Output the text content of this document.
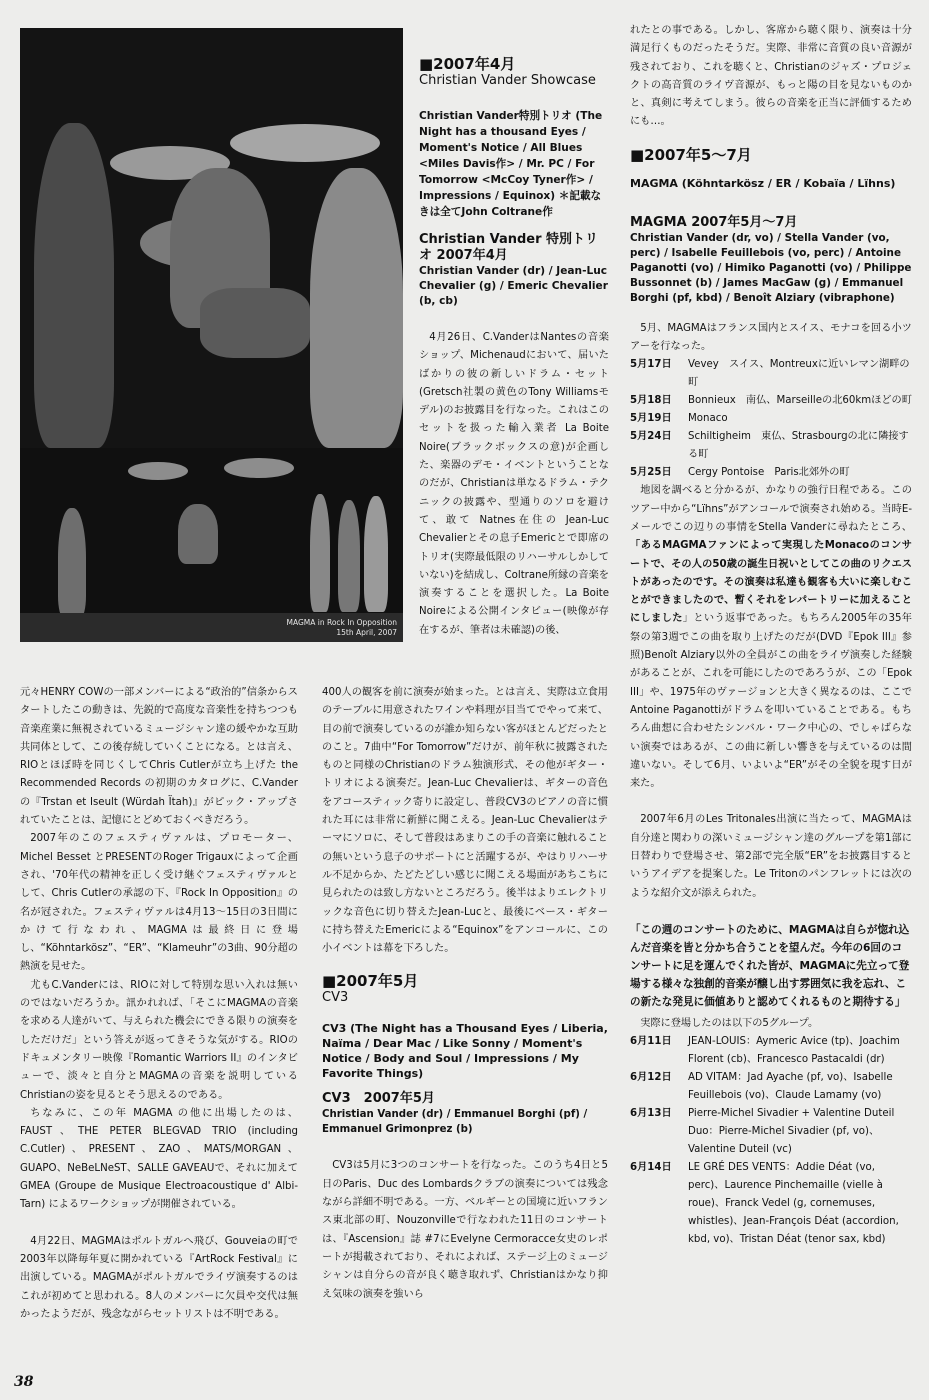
MAGMA in Rock In Opposition
15th April, 2007
■2007年4月
Christian Vander Showcase
Christian Vander特別トリオ (The Night has a thousand Eyes / Moment's Notice / All Blues <Miles Davis作> / Mr. PC / For Tomorrow <McCoy Tyner作> / Impressions / Equinox) ＊記載なきは全てJohn Coltrane作
Christian Vander 特別トリオ 2007年4月
Christian Vander (dr) / Jean-Luc Chevalier (g) / Emeric Chevalier (b, cb)

4月26日、C.VanderはNantesの音楽ショップ、Michenaudにおいて、届いたばかりの彼の新しいドラム・セット(Gretsch社製の黄色のTony Williamsモデル)のお披露目を行なった。これはこのセットを扱った輸入業者 La Boite Noire(ブラックボックスの意)が企画した、楽器のデモ・イベントということなのだが、Christianは単なるドラム・テクニックの披露や、型通りのソロを避けて、敢て Natnes在住の Jean-Luc Chevalierとその息子Emericとで即席のトリオ(実際最低限のリハーサルしかしていない)を結成し、Coltrane所縁の音楽を演奏することを選択した。La Boite Noireによる公開インタビュー(映像が存在するが、筆者は未確認)の後、

元々HENRY COWの一部メンバーによる“政治的”信条からスタートしたこの動きは、先鋭的で高度な音楽性を持ちつつも音楽産業に無視されているミュージシャン達の緩やかな互助共同体として、この後存続していくことになる。とは言え、RIOとほぼ時を同じくしてChris Cutlerが立ち上げた the Recommended Records の初期のカタログに、C.Vanderの『Trstan et Iseult (Würdah Ïtah)』がピック・アップされていたことは、記憶にとどめておくべきだろう。

2007年のこのフェスティヴァルは、プロモーター、Michel Besset とPRESENTのRoger Trigauxによって企画され、'70年代の精神を正しく受け継ぐフェスティヴァルとして、Chris Cutlerの承認の下、『Rock In Opposition』の名が冠された。フェスティヴァルは4月13～15日の3日間にかけて行なわれ、MAGMAは最終日に登場し、“Köhntarkösz”、“ER”、“Klameuhr”の3曲、90分超の熱演を見せた。

尤もC.Vanderには、RIOに対して特別な思い入れは無いのではないだろうか。訊かれれば、「そこにMAGMAの音楽を求める人達がいて、与えられた機会にできる限りの演奏をしただけだ」という答えが返ってきそうな気がする。RIOのドキュメンタリー映像『Romantic Warriors II』のインタビューで、淡々と自分とMAGMAの音楽を説明しているChristianの姿を見るとそう思えるのである。

ちなみに、この年 MAGMA の他に出場したのは、FAUST、THE PETER BLEGVAD TRIO (including C.Cutler)、PRESENT、ZAO、MATS/MORGAN、GUAPO、NeBeLNeST、SALLE GAVEAUで、それに加えてGMEA (Groupe de Musique Electroacoustique d' Albi-Tarn) によるワークショップが開催されている。

4月22日、MAGMAはポルトガルへ飛び、Gouveiaの町で2003年以降毎年夏に開かれている『ArtRock Festival』に出演している。MAGMAがポルトガルでライヴ演奏するのはこれが初めてと思われる。8人のメンバーに欠員や交代は無かったようだが、残念ながらセットリストは不明である。

400人の観客を前に演奏が始まった。とは言え、実際は立食用のテーブルに用意されたワインや料理が目当てでやって来て、目の前で演奏しているのが誰か知らない客がほとんどだったとのこと。7曲中“For Tomorrow”だけが、前年秋に披露されたものと同様のChristianのドラム独演形式、その他がギター・トリオによる演奏だ。Jean-Luc Chevalierは、ギターの音色をアコースティック寄りに設定し、普段CV3のピアノの音に慣れた耳には非常に新鮮に聞こえる。Jean-Luc Chevalierはテーマにソロに、そして普段はあまりこの手の音楽に触れることの無いという息子のサポートにと活躍するが、やはりリハーサル不足からか、たどたどしい感じに聞こえる場面があちこちに見られたのは致し方ないところだろう。後半はよりエレクトリックな音色に切り替えたJean-Lucと、最後にベース・ギターに持ち替えたEmericによる“Equinox”をアンコールに、この小イベントは幕を下ろした。

■2007年5月
CV3
CV3 (The Night has a Thousand Eyes / Liberia, Naïma / Dear Mac / Like Sonny / Moment's Notice / Body and Soul / Impressions / My Favorite Things)
CV3　2007年5月
Christian Vander (dr) / Emmanuel Borghi (pf) / Emmanuel Grimonprez (b)

CV3は5月に3つのコンサートを行なった。このうち4日と5日のParis、Duc des Lombardsクラブの演奏については残念ながら詳細不明である。一方、ベルギーとの国境に近いフランス東北部の町、Nouzonvilleで行なわれた11日のコンサートは、『Ascension』誌 #7にEvelyne Cermoracce女史のレポートが掲載されており、それによれば、ステージ上のミュージシャンは自分らの音が良く聴き取れず、Christianはかなり抑え気味の演奏を強いら

れたとの事である。しかし、客席から聴く限り、演奏は十分満足行くものだったそうだ。実際、非常に音質の良い音源が残されており、これを聴くと、Christianのジャズ・プロジェクトの高音質のライヴ音源が、もっと陽の目を見ないものかと、真剣に考えてしまう。彼らの音楽を正当に評価するためにも…。

■2007年5～7月
MAGMA (Köhntarkösz / ER / Kobaïa / Lïhns)
MAGMA 2007年5月～7月
Christian Vander (dr, vo) / Stella Vander (vo, perc) / Isabelle Feuillebois (vo, perc) / Antoine Paganotti (vo) / Himiko Paganotti (vo) / Philippe Bussonnet (b) / James MacGaw (g) / Emmanuel Borghi (pf, kbd) / Benoît Alziary (vibraphone)

5月、MAGMAはフランス国内とスイス、モナコを回る小ツアーを行なった。

5月17日	Vevey　スイス、Montreuxに近いレマン湖畔の町
5月18日	Bonnieux　南仏、Marseilleの北60kmほどの町
5月19日	Monaco
5月24日	Schiltigheim　東仏、Strasbourgの北に隣接する町
5月25日	Cergy Pontoise　Paris北郊外の町

地図を調べると分かるが、かなりの強行日程である。このツアー中から“Lïhns”がアンコールで演奏され始める。当時E-メールでこの辺りの事情をStella Vanderに尋ねたところ、「あるMAGMAファンによって実現したMonacoのコンサートで、その人の50歳の誕生日祝いとしてこの曲のリクエストがあったのです。その演奏は私達も観客も大いに楽しむことができましたので、暫くそれをレパートリーに加えることにしました」という返事であった。もちろん2005年の35年祭の第3週でこの曲を取り上げたのだが(DVD『Epok III』参照)Benoît Alziary以外の全員がこの曲をライヴ演奏した経験があることが、これを可能にしたのであろうが、この「Epok III」や、1975年のヴァージョンと大きく異なるのは、ここでAntoine Paganottiがドラムを叩いていることである。もちろん曲想に合わせたシンバル・ワーク中心の、でしゃばらない演奏ではあるが、この曲に新しい響きを与えているのは間違いない。そして6月、いよいよ“ER”がその全貌を現す日が来た。

2007年6月のLes Tritonales出演に当たって、MAGMAは自分達と関わりの深いミュージシャン達のグループを第1部に日替わりで登場させ、第2部で完全版“ER”をお披露目するというアイデアを提案した。Le Tritonのパンフレットには次のような紹介文が添えられた。

「この週のコンサートのために、MAGMAは自らが惚れ込んだ音楽を皆と分かち合うことを望んだ。今年の6回のコンサートに足を運んでくれた皆が、MAGMAに先立って登場する様々な独創的音楽が醸し出す雰囲気に我を忘れ、この新たな発見に価値ありと認めてくれるものと期待する」

実際に登場したのは以下の5グループ。

6月11日	JEAN-LOUIS：Aymeric Avice (tp)、Joachim Florent (cb)、Francesco Pastacaldi (dr)
6月12日	AD VITAM：Jad Ayache (pf, vo)、Isabelle Feuillebois (vo)、Claude Lamamy (vo)
6月13日	Pierre-Michel Sivadier + Valentine Duteil Duo：Pierre-Michel Sivadier (pf, vo)、Valentine Duteil (vc)
6月14日	LE GRÉ DES VENTS：Addie Déat (vo, perc)、Laurence Pinchemaille (vielle à roue)、Franck Vedel (g, cornemuses, whistles)、Jean-François Déat (accordion, kbd, vo)、Tristan Déat (tenor sax, kbd)
38
